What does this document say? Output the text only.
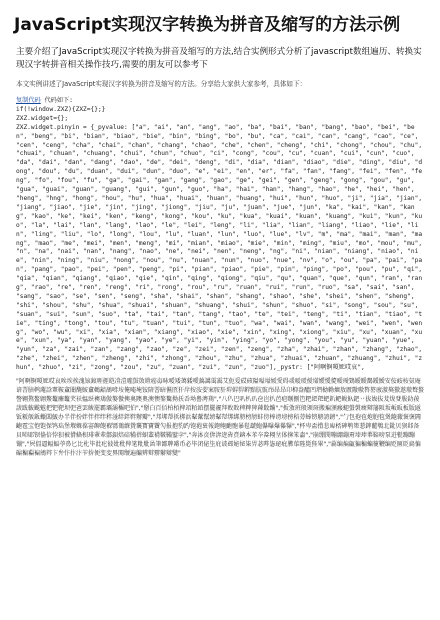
JavaScript实现汉字转换为拼音及缩写的方法示例

主要介绍了JavaScript实现汉字转换为拼音及缩写的方法,结合实例形式分析了javascript数组遍历、转换实现汉字转拼音相关操作技巧,需要的朋友可以参考下

本文实例讲述了JavaScript实现汉字转换为拼音及缩写的方法。分享给大家供大家参考，具体如下：

复制代码 代码如下:

if(!window.ZXZ){ZXZ={};}

ZXZ.widget={};

ZXZ.widget.pinyin = {_pyvalue: ["a", "ai", "an", "ang", "ao", "ba", "bai", "ban", "bang", "bao", "bei", "ben", "beng", "bi", "bian", "biao", "bie", "bin", "bing", "bo", "bu", "ca", "cai", "can", "cang", "cao", "ce", "cen", "ceng", "cha", "chai", "chan", "chang", "chao", "che", "chen", "cheng", "chi", "chong", "chou", "chu", "chuai", "chuan", "chuang", "chui", "chun", "chuo", "ci", "cong", "cou", "cu", "cuan", "cui", "cun", "cuo", "da", "dai", "dan", "dang", "dao", "de", "dei", "deng", "di", "dia", "dian", "diao", "die", "ding", "diu", "dong", "dou", "du", "duan", "dui", "dun", "duo", "e", "ei", "en", "er", "fa", "fan", "fang", "fei", "fen", "feng", "fo", "fou", "fu", "ga", "gai", "gan", "gang", "gao", "ge", "gei", "gen", "geng", "gong", "gou", "gu", "gua", "guai", "guan", "guang", "gui", "gun", "guo", "ha", "hai", "han", "hang", "hao", "he", "hei", "hen", "heng", "hng", "hong", "hou", "hu", "hua", "huai", "huan", "huang", "hui", "hun", "huo", "ji", "jia", "jian", "jiang", "jiao", "jie", "jin", "jing", "jiong", "jiu", "ju", "juan", "jue", "jun", "ka", "kai", "kan", "kang", "kao", "ke", "kei", "ken", "keng", "kong", "kou", "ku", "kua", "kuai", "kuan", "kuang", "kui", "kun", "kuo", "la", "lai", "lan", "lang", "lao", "le", "lei", "leng", "li", "lia", "lian", "liang", "liao", "lie", "lin", "ling", "liu", "lo", "long", "lou", "lu", "luan", "lun", "luo", "lue", "lv", "m", "ma", "mai", "man", "mang", "mao", "me", "mei", "men", "meng", "mi", "mian", "miao", "mie", "min", "ming", "miu", "mo", "mou", "mu", "n", "na", "nai", "nan", "nang", "nao", "ne", "nei", "nen", "neng", "ng", "ni", "nian", "niang", "niao", "nie", "nin", "ning", "niu", "nong", "nou", "nu", "nuan", "nun", "nuo", "nue", "nv", "o", "ou", "pa", "pai", "pan", "pang", "pao", "pei", "pen", "peng", "pi", "pian", "piao", "pie", "pin", "ping", "po", "pou", "pu", "qi", "qia", "qian", "qiang", "qiao", "qie", "qin", "qing", "qiong", "qiu", "qu", "quan", "que", "qun", "ran", "rang", "rao", "re", "ren", "reng", "ri", "rong", "rou", "ru", "ruan", "rui", "run", "ruo", "sa", "sai", "san", "sang", "sao", "se", "sen", "seng", "sha", "shai", "shan", "shang", "shao", "she", "shei", "shen", "sheng", "shi", "shou", "shu", "shua", "shuai", "shuan", "shuang", "shui", "shun", "shuo", "si", "song", "sou", "su", "suan", "sui", "sun", "suo", "ta", "tai", "tan", "tang", "tao", "te", "tei", "teng", "ti", "tian", "tiao", "tie", "ting", "tong", "tou", "tu", "tuan", "tui", "tun", "tuo", "wa", "wai", "wan", "wang", "wei", "wen", "weng", "wo", "wu", "xi", "xia", "xian", "xiang", "xiao", "xie", "xin", "xing", "xiong", "xiu", "xu", "xuan", "xue", "xun", "ya", "yan", "yang", "yao", "ye", "yi", "yin", "ying", "yo", "yong", "you", "yu", "yuan", "yue", "yun", "za", "zai", "zan", "zang", "zao", "ze", "zei", "zen", "zeng", "zha", "zhai", "zhan", "zhang", "zhao", "zhe", "zhei", "zhen", "zheng", "zhi", "zhong", "zhou", "zhu", "zhua", "zhuai", "zhuan", "zhuang", "zhui", "zhun", "zhuo", "zi", "zong", "zou", "zu", "zuan", "zui", "zun", "zuo"],_pystr: ["阿啊锕嗄厑哎哀",

"阿啊锕嗄厑哎哀唉埃挨溾锿鎄啀捱皑凒溰嘊敱敳皚癌毐昹嗳矮蔼躷噯藹譪霭靄艾伌爱砹硋隘嗌塧嫒愛碍叆暧瑷僾壒嬡懓薆曖璦鴱皧瞹馤鑀鱫安侒峖桉氨庵谙萻腤鹌蓭誝鞌鞍盦闇馣鮟盫鵪韽鶕啽垵俺唵埯铵隌罯暗儑匼犴岸按洝荌案胺豻堓婩貋錌黯肮骯岇昂昻卬枊盎醠凹垇柪軪爊敖厫隞嗷嗸嶅廒滶獒獓遨璈聱螯謷翱鷔鳌翶鰲鼇鏖鼇芺袄媪镺襖鴁傲嫯慠擙奥隩奧澳懊鏊驁拗扷岙坳嶴澚鴹","八仈巴叭朳玐夿岜扒芭疤哵捌笆粑紦羓蚆釟鲃鲅魞鈀丷拔妭抜茇炦癹胈釛菝詙跋軷颰魃把钯靶坝弝爸罢鲅罷霸壩灞欛吧伯","掰白百佰柏栢捭竡粨絔摆擺襬拜败敗稗粺猈薭贁韛","扳攽班般颁斑搬斒頒瘢螁螌褩癍辬籓阪坂岅昄板版瓪钣粄舨鈑蝂闆魬办半伴扮姅怑拌绊秚湴絆鉡靽辦瓣","邦垹帮捠梆浜鞤幚幫縍鞤幇绑綁膀榜牓蚌傍棒谤塝搒稖蒡蜯镑艕謗鎊","勹包孢苞炮胞笣煲龅蕔褒襃闁齙雹宝怉饱保鸨珤堡堢媬葆寚飹飽褓駂鳵緥賲藵寳寶靌勽报抱豹趵铇菢袌報鉋鲍靤骲暴髱虣鮑儤曝爆忁犦","杯卑盃揹悲庳桮碑鹎箄蕜錍藣鵯北鉳贝狈邶备貝昁郥钡俻倍悖狽被偝偹梖琲軰辈鄁鋇焙碚犕蓓蛽輩褙鞁鞴鐾孛","奔泍贲倴渀逩犇賁錛本苯夲畚翉坌体捹笨楍","崩绷閍嘣綳繃甭埲琫菶鞛嗙泵迸甏蹦蹦镚","屄偪逼鲾鰏荸鼻匕比朼毕沘疕彼妣秕俾笔粃舭啚筆鄙聛觱币必毕闭佖坒庇诐邲妼怭枈畀苾哔毖珌疪胇荜陛毙狴畢","萹编煸甂猵稨蝙箯鞭编贬匾貶扁惼碥稨藊褊鴘辡卞弁忭抃汴苄拚便变変昪閞缏遍艑辨辩辧辮辯變"
